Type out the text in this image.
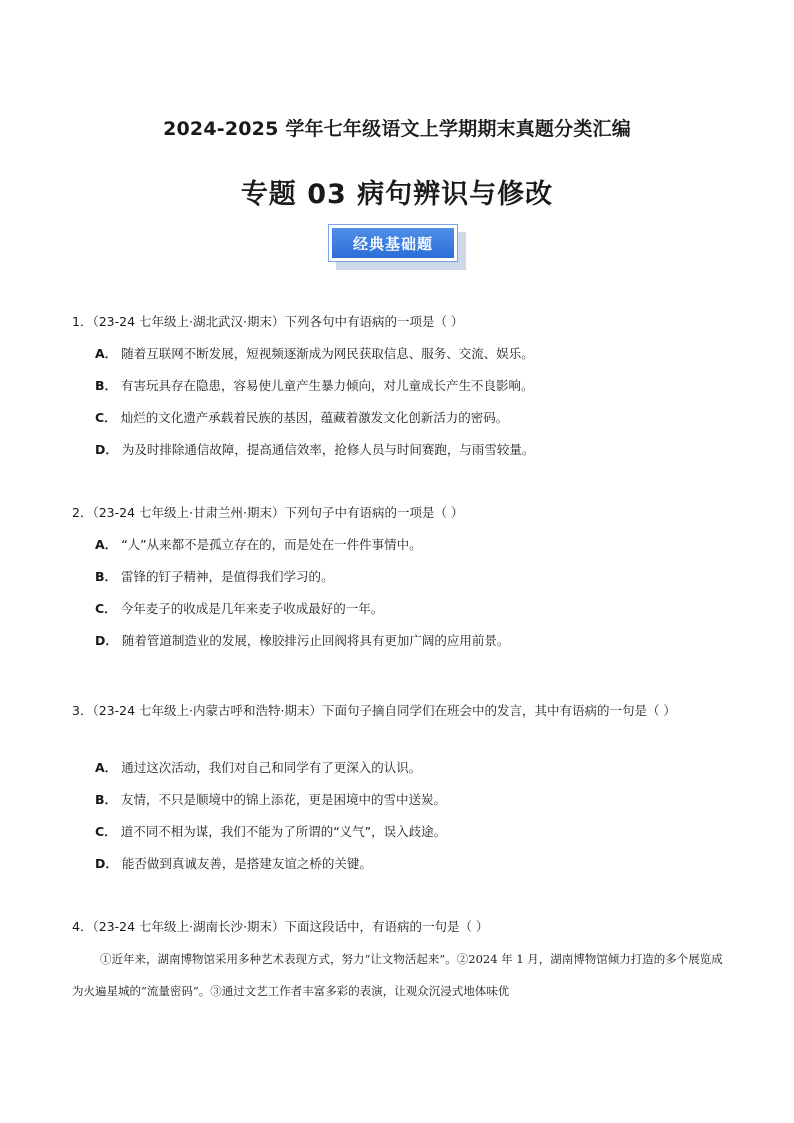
2024-2025 学年七年级语文上学期期末真题分类汇编
专题 03 病句辨识与修改
经典基础题
1．（23-24 七年级上·湖北武汉·期末）下列各句中有语病的一项是（ ）
A． 随着互联网不断发展，短视频逐渐成为网民获取信息、服务、交流、娱乐。
B． 有害玩具存在隐患，容易使儿童产生暴力倾向，对儿童成长产生不良影响。
C． 灿烂的文化遗产承载着民族的基因，蕴藏着激发文化创新活力的密码。
D． 为及时排除通信故障，提高通信效率，抢修人员与时间赛跑，与雨雪较量。
2．（23-24 七年级上·甘肃兰州·期末）下列句子中有语病的一项是（ ）
A． “人”从来都不是孤立存在的，而是处在一件件事情中。
B． 雷锋的钉子精神，是值得我们学习的。
C． 今年麦子的收成是几年来麦子收成最好的一年。
D． 随着管道制造业的发展，橡胶排污止回阀将具有更加广阔的应用前景。
3．（23-24 七年级上·内蒙古呼和浩特·期末）下面句子摘自同学们在班会中的发言，其中有语病的一句是（ ）
A． 通过这次活动，我们对自己和同学有了更深入的认识。
B． 友情，不只是顺境中的锦上添花，更是困境中的雪中送炭。
C． 道不同不相为谋，我们不能为了所谓的“义气”，误入歧途。
D． 能否做到真诚友善，是搭建友谊之桥的关键。
4．（23-24 七年级上·湖南长沙·期末）下面这段话中，有语病的一句是（ ）
①近年来，湖南博物馆采用多种艺术表现方式，努力“让文物活起来”。②2024 年 1 月，湖南博物馆倾力打造的多个展览成为火遍星城的“流量密码”。③通过文艺工作者丰富多彩的表演，让观众沉浸式地体味优
